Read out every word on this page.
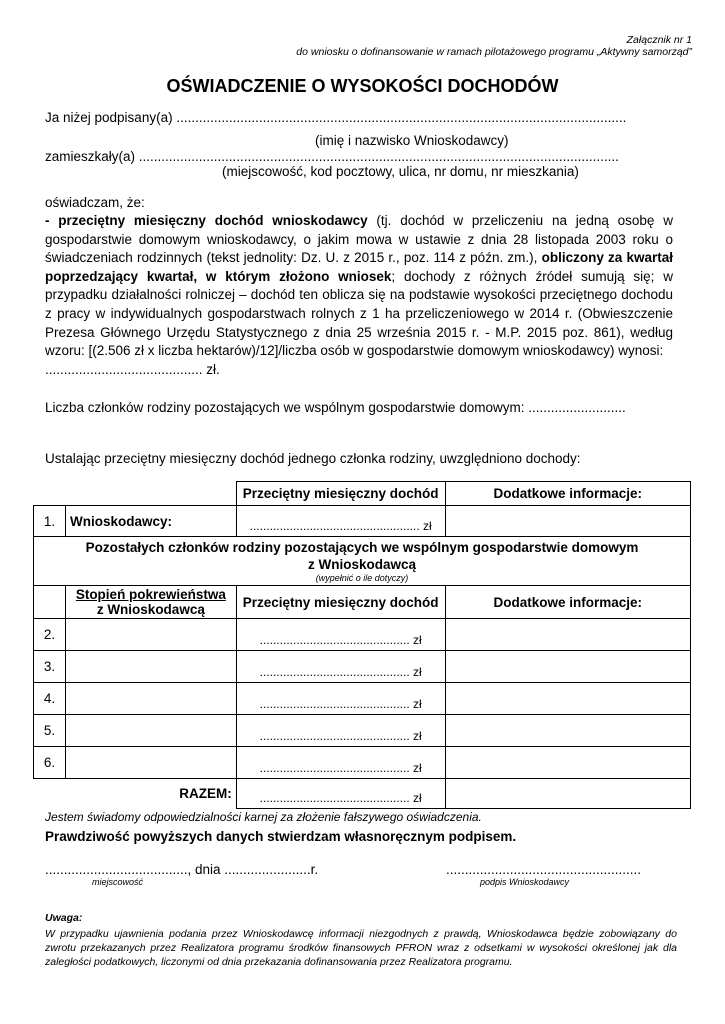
Załącznik nr 1
do wniosku o dofinansowanie w ramach pilotażowego programu „Aktywny samorząd”
OŚWIADCZENIE O WYSOKOŚCI DOCHODÓW
Ja niżej podpisany(a) ........................................................................................................................
(imię i nazwisko Wnioskodawcy)
zamieszkały(a) ................................................................................................................................
(miejscowość, kod pocztowy, ulica, nr domu, nr mieszkania)
oświadczam, że:
- przeciętny miesięczny dochód wnioskodawcy (tj. dochód w przeliczeniu na jedną osobę w gospodarstwie domowym wnioskodawcy, o jakim mowa w ustawie z dnia 28 listopada 2003 roku o świadczeniach rodzinnych (tekst jednolity: Dz. U. z 2015 r., poz. 114 z późn. zm.), obliczony za kwartał poprzedzający kwartał, w którym złożono wniosek; dochody z różnych źródeł sumują się; w przypadku działalności rolniczej – dochód ten oblicza się na podstawie wysokości przeciętnego dochodu z pracy w indywidualnych gospodarstwach rolnych z 1 ha przeliczeniowego w 2014 r. (Obwieszczenie Prezesa Głównego Urzędu Statystycznego z dnia 25 września 2015 r. - M.P. 2015 poz. 861), według wzoru: [(2.506 zł x liczba hektarów)/12]/liczba osób w gospodarstwie domowym wnioskodawcy) wynosi:
.......................................... zł.
Liczba członków rodziny pozostających we wspólnym gospodarstwie domowym: ..........................
Ustalając przeciętny miesięczny dochód jednego członka rodziny, uwzględniono dochody:
		Przeciętny miesięczny dochód	Dodatkowe informacje:
1.	Wnioskodawcy:	................................................... zł	

Pozostałych członków rodziny pozostających we wspólnym gospodarstwie domowym
z Wnioskodawcą
(wypełnić o ile dotyczy)			

	Stopień pokrewieństwa
z Wnioskodawcą	Przeciętny miesięczny dochód	Dodatkowe informacje:
2.		............................................. zł	
3.		............................................. zł	
4.		............................................. zł	
5.		............................................. zł	
6.		............................................. zł	
	RAZEM:	............................................. zł	
Jestem świadomy odpowiedzialności karnej za złożenie fałszywego oświadczenia.
Prawdziwość powyższych danych stwierdzam własnoręcznym podpisem.
......................................, dnia .......................r.
miejscowość
....................................................
podpis Wnioskodawcy
Uwaga:
W przypadku ujawnienia podania przez Wnioskodawcę informacji niezgodnych z prawdą, Wnioskodawca będzie zobowiązany do zwrotu przekazanych przez Realizatora programu środków finansowych PFRON wraz z odsetkami w wysokości określonej jak dla zaległości podatkowych, liczonymi od dnia przekazania dofinansowania przez Realizatora programu.
